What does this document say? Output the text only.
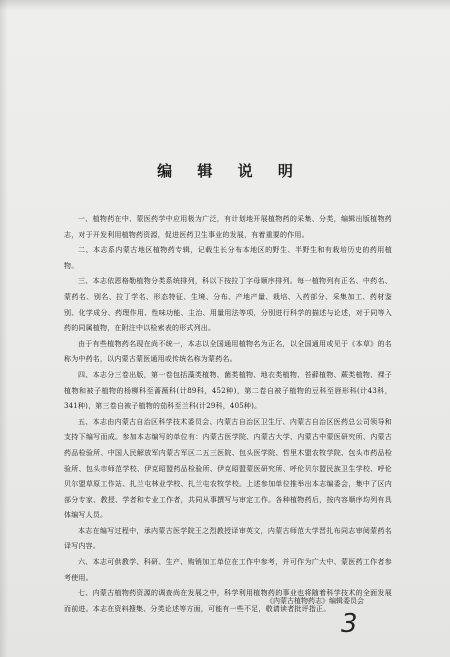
编 辑 说 明

一、植物药在中、蒙医药学中应用极为广泛，有计划地开展植物药的采集、分类，编辑出版植物药志，对于开发利用植物药资源，促进医药卫生事业的发展，有着重要的作用。

二、本志系内蒙古地区植物药专辑，记载生长分布本地区的野生、半野生和有栽培历史的药用植物。

三、本志依恩格勒植物分类系统排列，科以下按拉丁字母顺序排列。每一植物列有正名、中药名、蒙药名、别名、拉丁学名、形态特征、生境、分布、产地产量、栽培、入药部分、采集加工、药材鉴别、化学成分、药理作用、性味功能、主治、用量用法等项，分别进行科学的描述与论述，对于同等入药的同属植物，在附注中以检索表的形式列出。

由于有些植物药名现在尚不统一，本志以全国通用植物名为正名，以全国通用或见于《本草》的名称为中药名，以内蒙古蒙医通用或传统名称为蒙药名。

四、本志分三卷出版，第一卷包括藻类植物、菌类植物、地衣类植物、苔藓植物、蕨类植物、裸子植物和被子植物的杨柳科至蔷薇科(计89科，452种)，第二卷自被子植物的豆科至唇形科(计43科，341种)，第三卷自被子植物的茄科至兰科(计29科，405种)。

五、本志由内蒙古自治区科学技术委员会、内蒙古自治区卫生厅、内蒙古自治区医药总公司领导和支持下编写而成。参加本志编写的单位有：内蒙古医学院、内蒙古大学、内蒙古中蒙医研究所、内蒙古药品检验所、中国人民解放军内蒙古军区二五三医院、包头医学院、哲里木盟农牧学院、包头市药品检验所、包头市师范学校、伊克昭盟药品检验所、伊克昭盟蒙医研究所、呼伦贝尔盟民族卫生学校、呼伦贝尔盟草原工作站、扎兰屯林业学校、扎兰屯农牧学校。上述参加单位推举出本志编委会，集中了区内部分专家、教授、学者和专业工作者，共同从事撰写与审定工作。各种植物药后，按内容顺序均列有具体编写人员。

本志在编写过程中，承内蒙古医学院王之烈教授译审英文，内蒙古师范大学晋扎布同志审阅蒙药名译写内容。

六、本志可供教学、科研、生产、购销加工单位在工作中参考，并可作为广大中、蒙医药工作者参考使用。

七、内蒙古植物药资源的调查尚在发展之中，科学利用植物药的事业也将随着科学技术的全面发展而前进。本志在资料搜集、分类论述等方面，可能有一些不足，敬请读者批评指正。

《内蒙古植物药志》编辑委员会
3
